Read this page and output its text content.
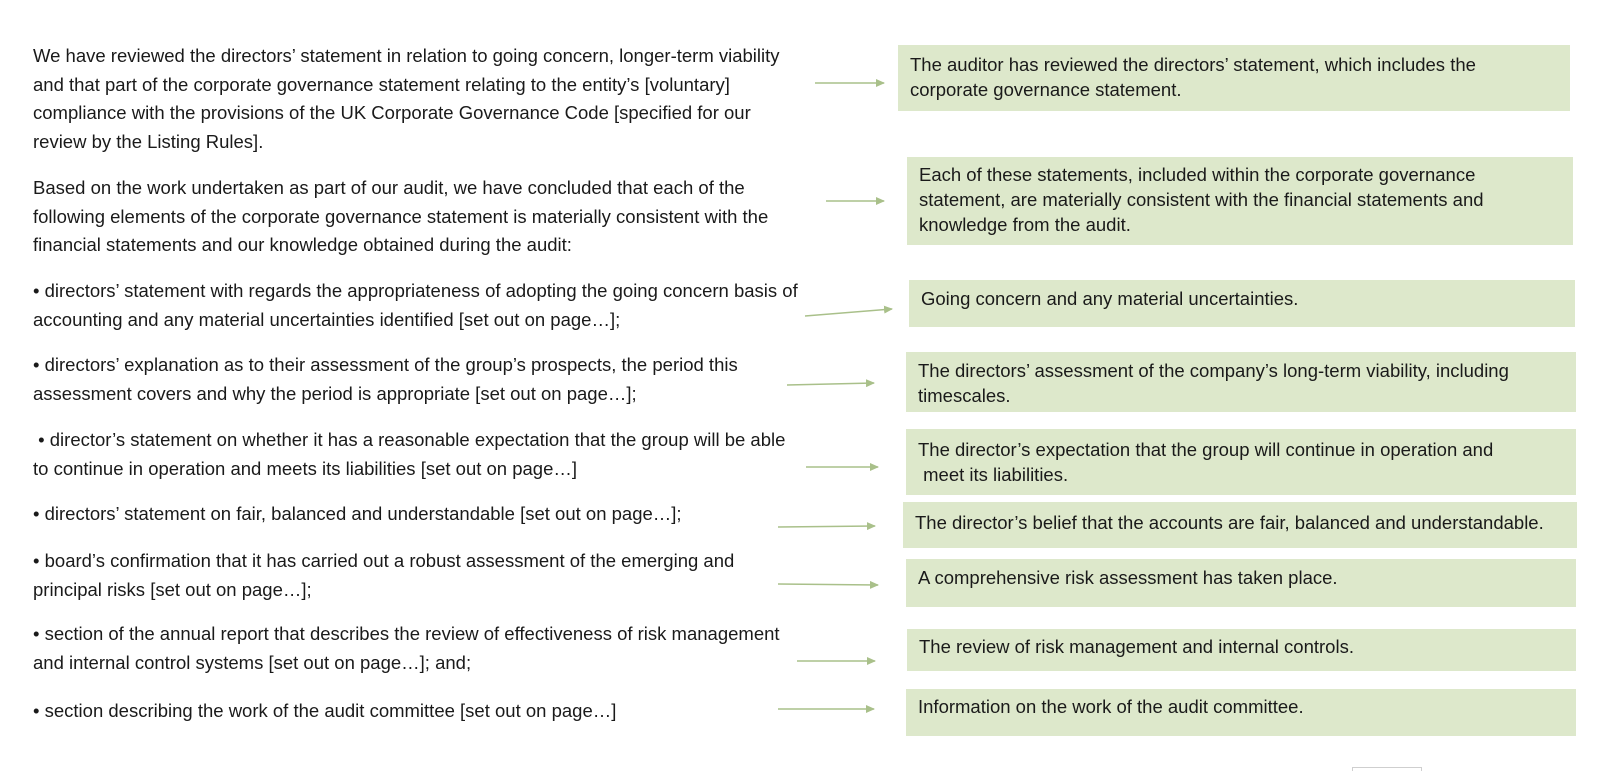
We have reviewed the directors’ statement in relation to going concern, longer-term viability
and that part of the corporate governance statement relating to the entity’s [voluntary]
compliance with the provisions of the UK Corporate Governance Code [specified for our
review by the Listing Rules].
Based on the work undertaken as part of our audit, we have concluded that each of the
following elements of the corporate governance statement is materially consistent with the
financial statements and our knowledge obtained during the audit:
• directors’ statement with regards the appropriateness of adopting the going concern basis of
accounting and any material uncertainties identified [set out on page…];
• directors’ explanation as to their assessment of the group’s prospects, the period this
assessment covers and why the period is appropriate [set out on page…];
• director’s statement on whether it has a reasonable expectation that the group will be able
to continue in operation and meets its liabilities [set out on page…]
• directors’ statement on fair, balanced and understandable [set out on page…];
• board’s confirmation that it has carried out a robust assessment of the emerging and
principal risks [set out on page…];
• section of the annual report that describes the review of effectiveness of risk management
and internal control systems [set out on page…]; and;
• section describing the work of the audit committee [set out on page…]
The auditor has reviewed the directors’ statement, which includes the
corporate governance statement.
Each of these statements, included within the corporate governance
statement, are materially consistent with the financial statements and
knowledge from the audit.
Going concern and any material uncertainties.
The directors’ assessment of the company’s long-term viability, including
timescales.
The director’s expectation that the group will continue in operation and
meet its liabilities.
The director’s belief that the accounts are fair, balanced and understandable.
A comprehensive risk assessment has taken place.
The review of risk management and internal controls.
Information on the work of the audit committee.
